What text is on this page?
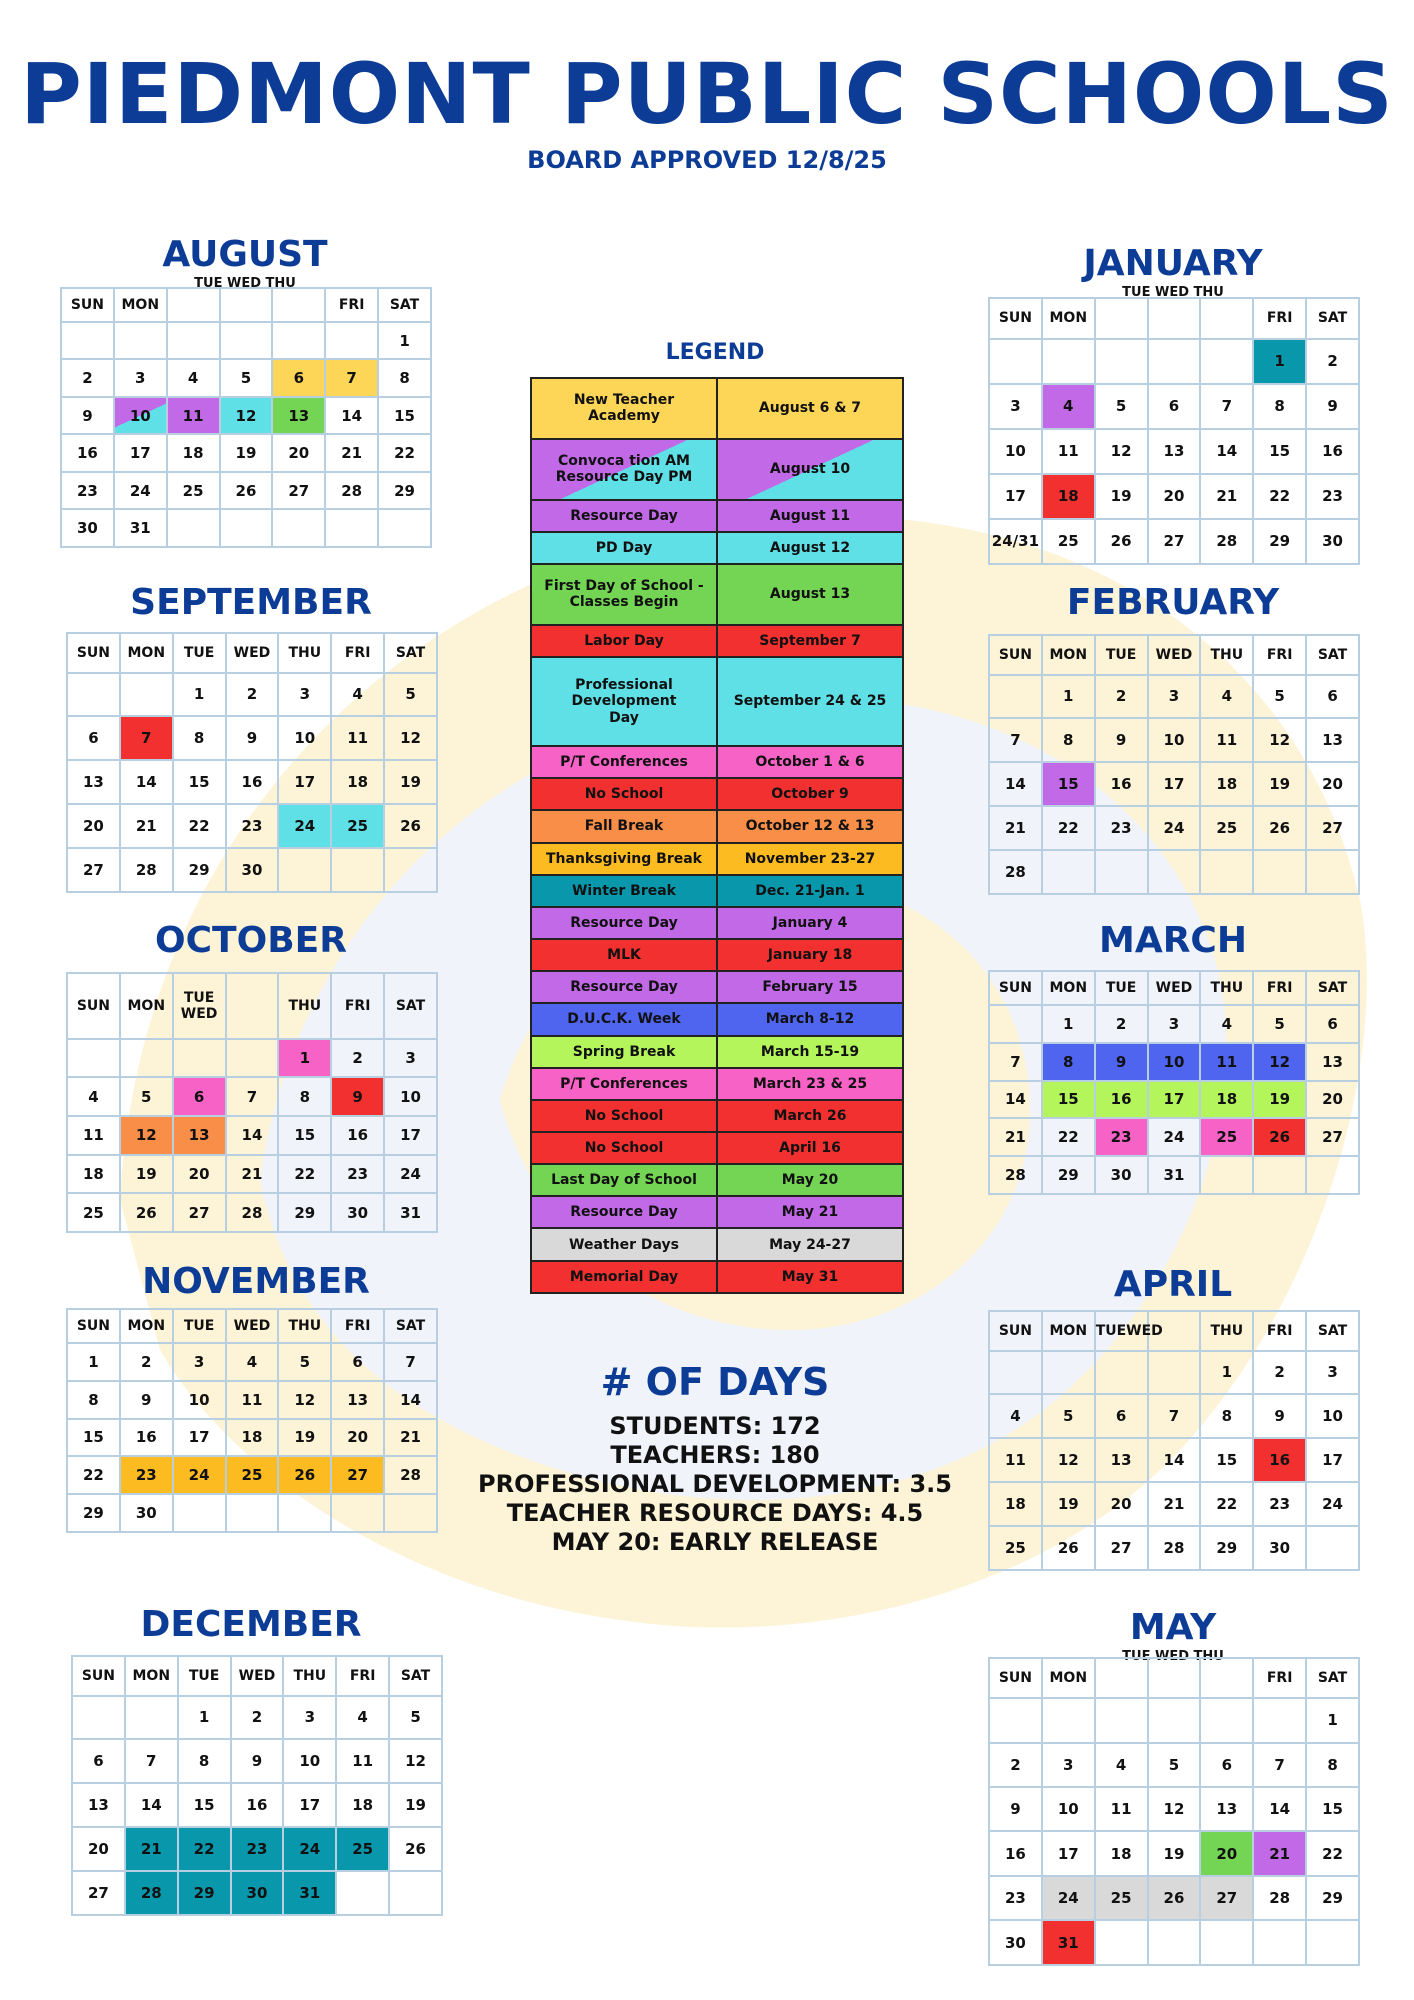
PIEDMONT PUBLIC SCHOOLS
BOARD APPROVED 12/8/25
AUGUST
TUE WED THU
SEPTEMBER
OCTOBER
NOVEMBER
DECEMBER
JANUARY
TUE WED THU
FEBRUARY
MARCH
APRIL
MAY
TUE WED THU
SUN	MON				FRI	SAT
						1
2	3	4	5	6	7	8
9	10	11	12	13	14	15
16	17	18	19	20	21	22
23	24	25	26	27	28	29
30	31					
SUN	MON	TUE	WED	THU	FRI	SAT
		1	2	3	4	5
6	7	8	9	10	11	12
13	14	15	16	17	18	19
20	21	22	23	24	25	26
27	28	29	30			
SUN	MON	TUE WED		THU	FRI	SAT
				1	2	3
4	5	6	7	8	9	10
11	12	13	14	15	16	17
18	19	20	21	22	23	24
25	26	27	28	29	30	31
SUN	MON	TUE	WED	THU	FRI	SAT
1	2	3	4	5	6	7
8	9	10	11	12	13	14
15	16	17	18	19	20	21
22	23	24	25	26	27	28
29	30					
SUN	MON	TUE	WED	THU	FRI	SAT
		1	2	3	4	5
6	7	8	9	10	11	12
13	14	15	16	17	18	19
20	21	22	23	24	25	26
27	28	29	30	31		
SUN	MON				FRI	SAT
					1	2
3	4	5	6	7	8	9
10	11	12	13	14	15	16
17	18	19	20	21	22	23
24/31	25	26	27	28	29	30
SUN	MON	TUE	WED	THU	FRI	SAT
	1	2	3	4	5	6
7	8	9	10	11	12	13
14	15	16	17	18	19	20
21	22	23	24	25	26	27
28						
SUN	MON	TUE	WED	THU	FRI	SAT
	1	2	3	4	5	6
7	8	9	10	11	12	13
14	15	16	17	18	19	20
21	22	23	24	25	26	27
28	29	30	31			
SUN	MON	TUEWED		THU	FRI	SAT
				1	2	3
4	5	6	7	8	9	10
11	12	13	14	15	16	17
18	19	20	21	22	23	24
25	26	27	28	29	30	
SUN	MON				FRI	SAT
						1
2	3	4	5	6	7	8
9	10	11	12	13	14	15
16	17	18	19	20	21	22
23	24	25	26	27	28	29
30	31					
LEGEND
New Teacher Academy	August 6 & 7
Convoca tion AM
Resource Day PM	August 10
Resource Day	August 11
PD Day	August 12
First Day of School -
Classes Begin	August 13
Labor Day	September 7
Professional Development
Day	September 24 & 25
P/T Conferences	October 1 & 6
No School	October 9
Fall Break	October 12 & 13
Thanksgiving Break	November 23-27
Winter Break	Dec. 21-Jan. 1
Resource Day	January 4
MLK	January 18
Resource Day	February 15
D.U.C.K. Week	March 8-12
Spring Break	March 15-19
P/T Conferences	March 23 & 25
No School	March 26
No School	April 16
Last Day of School	May 20
Resource Day	May 21
Weather Days	May 24-27
Memorial Day	May 31
# OF DAYS
STUDENTS: 172
TEACHERS: 180
PROFESSIONAL DEVELOPMENT: 3.5
TEACHER RESOURCE DAYS: 4.5
MAY 20: EARLY RELEASE
